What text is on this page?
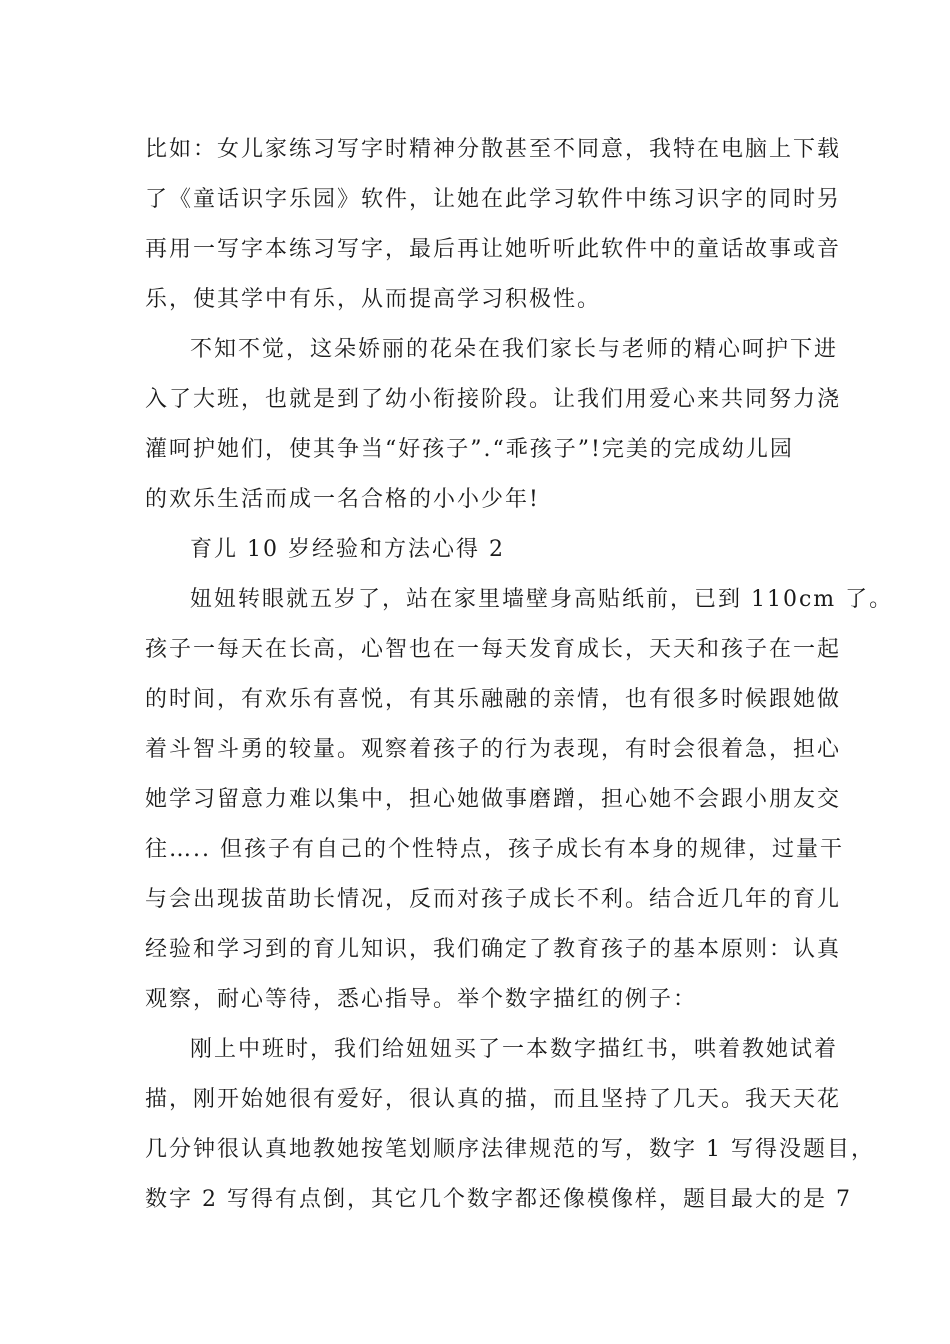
比如：女儿家练习写字时精神分散甚至不同意，我特在电脑上下载
了《童话识字乐园》软件，让她在此学习软件中练习识字的同时另
再用一写字本练习写字，最后再让她听听此软件中的童话故事或音
乐，使其学中有乐，从而提高学习积极性。
不知不觉，这朵娇丽的花朵在我们家长与老师的精心呵护下进
入了大班，也就是到了幼小衔接阶段。让我们用爱心来共同努力浇
灌呵护她们，使其争当“好孩子”.“乖孩子”!完美的完成幼儿园
的欢乐生活而成一名合格的小小少年!
育儿 10 岁经验和方法心得 2
妞妞转眼就五岁了，站在家里墙壁身高贴纸前，已到 110cm 了。
孩子一每天在长高，心智也在一每天发育成长，天天和孩子在一起
的时间，有欢乐有喜悦，有其乐融融的亲情，也有很多时候跟她做
着斗智斗勇的较量。观察着孩子的行为表现，有时会很着急，担心
她学习留意力难以集中，担心她做事磨蹭，担心她不会跟小朋友交
往….. 但孩子有自己的个性特点，孩子成长有本身的规律，过量干
与会出现拔苗助长情况，反而对孩子成长不利。结合近几年的育儿
经验和学习到的育儿知识，我们确定了教育孩子的基本原则：认真
观察，耐心等待，悉心指导。举个数字描红的例子：
刚上中班时，我们给妞妞买了一本数字描红书，哄着教她试着
描，刚开始她很有爱好，很认真的描，而且坚持了几天。我天天花
几分钟很认真地教她按笔划顺序法律规范的写，数字 1 写得没题目，
数字 2 写得有点倒，其它几个数字都还像模像样，题目最大的是 7
